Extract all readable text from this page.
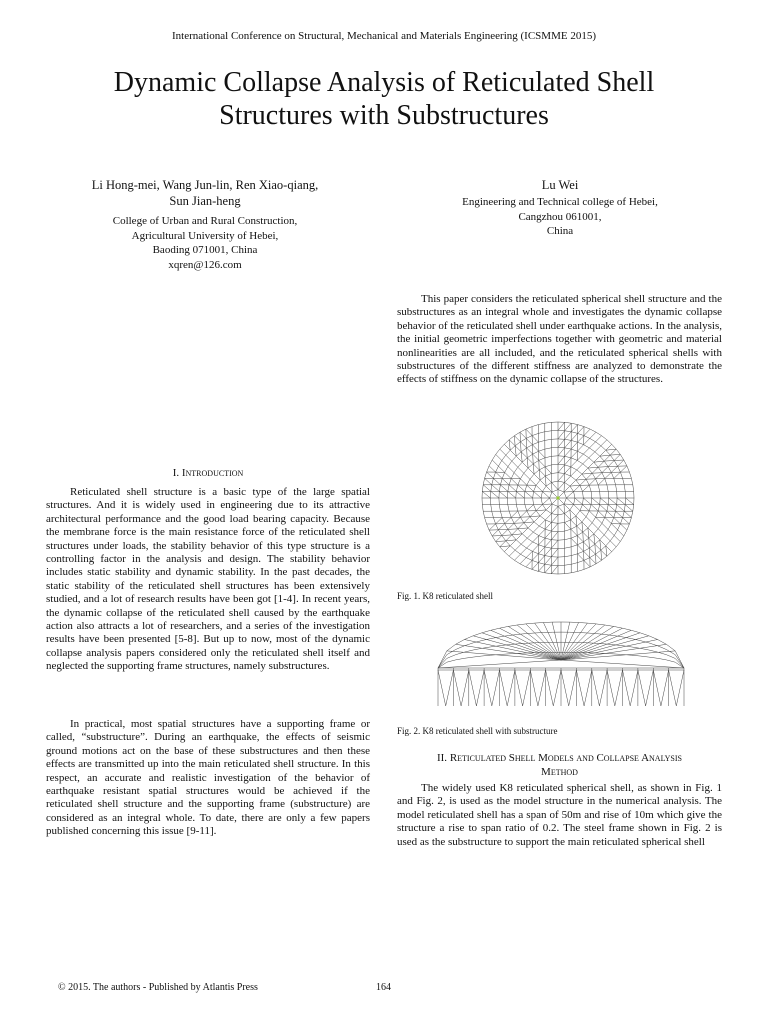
International Conference on Structural, Mechanical and Materials Engineering (ICSMME 2015)
Dynamic Collapse Analysis of Reticulated Shell
Structures with Substructures
Li Hong-mei, Wang Jun-lin, Ren Xiao-qiang,
Sun Jian-heng
College of Urban and Rural Construction,
Agricultural University of Hebei,
Baoding 071001, China
xqren@126.com
Lu Wei
Engineering and Technical college of Hebei,
Cangzhou 061001,
China

This paper considers the reticulated spherical shell structure and the substructures as an integral whole and investigates the dynamic collapse behavior of the reticulated shell under earthquake actions. In the analysis, the initial geometric imperfections together with geometric and material nonlinearities are all included, and the reticulated spherical shells with substructures of the different stiffness are analyzed to demonstrate the effects of stiffness on the dynamic collapse of the structures.

I. Introduction

Reticulated shell structure is a basic type of the large spatial structures. And it is widely used in engineering due to its attractive architectural performance and the good load bearing capacity. Because the membrane force is the main resistance force of the reticulated shell structures under loads, the stability behavior of this type structure is a controlling factor in the analysis and design. The stability behavior includes static stability and dynamic stability. In the past decades, the static stability of the reticulated shell structures has been extensively studied, and a lot of research results have been got [1-4]. In recent years, the dynamic collapse of the reticulated shell caused by the earthquake action also attracts a lot of researchers, and a series of the investigation results have been presented [5-8]. But up to now, most of the dynamic collapse analysis papers considered only the reticulated shell itself and neglected the supporting frame structures, namely substructures.

In practical, most spatial structures have a supporting frame or called, “substructure”. During an earthquake, the effects of seismic ground motions act on the base of these substructures and then these effects are transmitted up into the main reticulated shell structure. In this respect, an accurate and realistic investigation of the behavior of earthquake resistant spatial structures would be achieved if the reticulated shell structure and the supporting frame (substructure) are considered as an integral whole. To date, there are only a few papers published concerning this issue [9-11].

Fig. 1. K8 reticulated shell
Fig. 2. K8 reticulated shell with substructure
II. Reticulated Shell Models and Collapse Analysis
Method

The widely used K8 reticulated spherical shell, as shown in Fig. 1 and Fig. 2, is used as the model structure in the numerical analysis. The model reticulated shell has a span of 50m and rise of 10m which give the structure a rise to span ratio of 0.2. The steel frame shown in Fig. 2 is used as the substructure to support the main reticulated spherical shell

© 2015. The authors - Published by Atlantis Press	164
